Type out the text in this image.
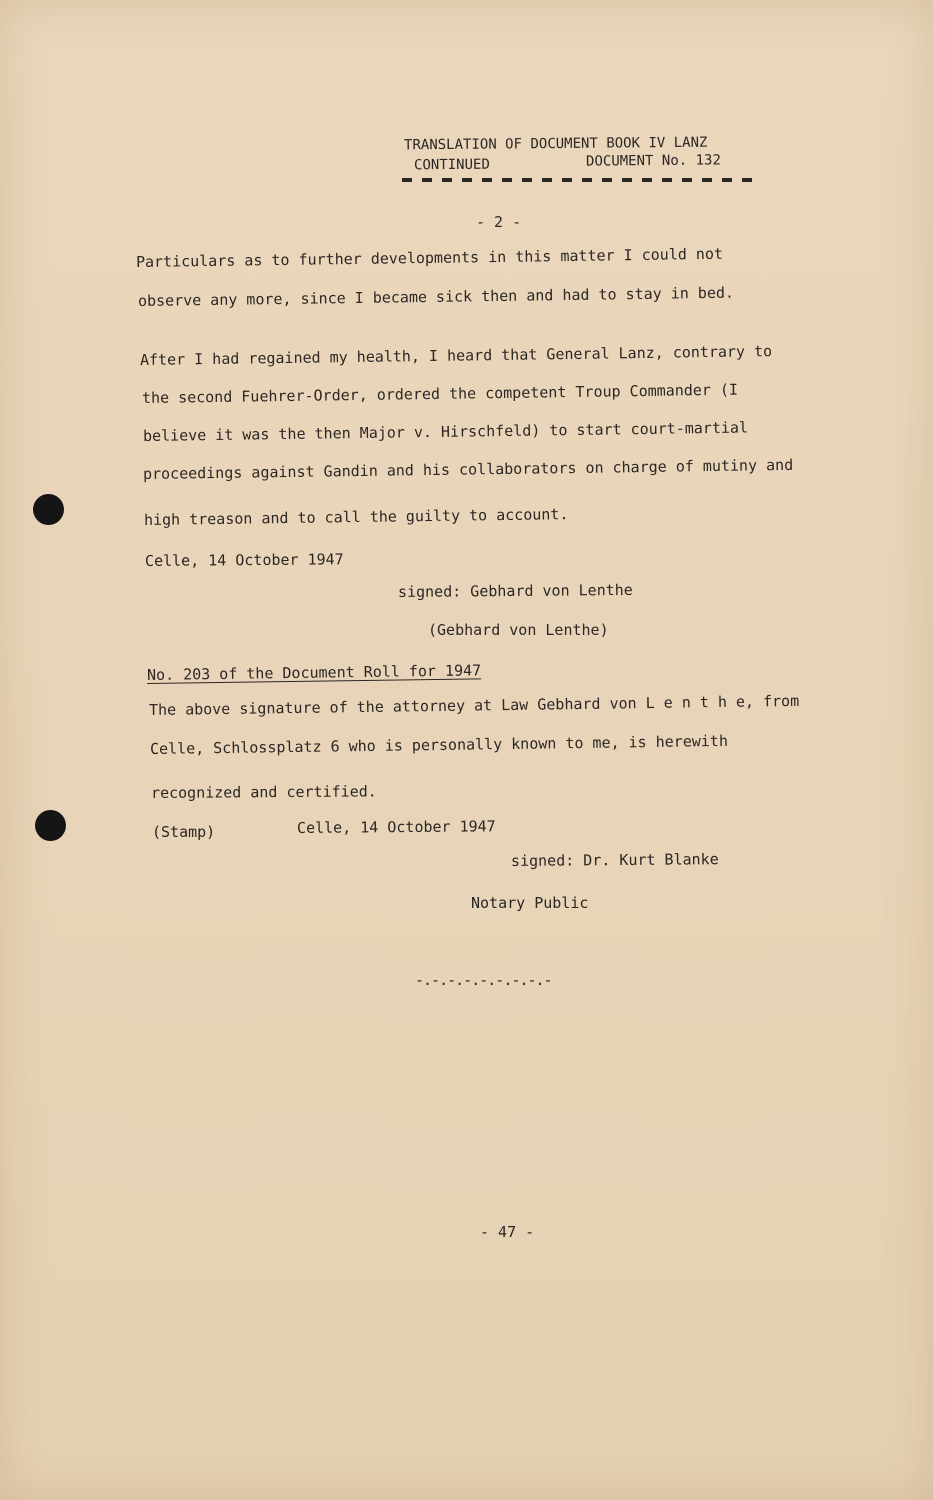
TRANSLATION OF DOCUMENT BOOK IV LANZ
CONTINUED	DOCUMENT No. 132
- 2 -
Particulars as to further developments in this matter I could not
observe any more, since I became sick then and had to stay in bed.
After I had regained my health, I heard that General Lanz, contrary to
the second Fuehrer-Order, ordered the competent Troup Commander (I
believe it was the then Major v. Hirschfeld) to start court-martial
proceedings against Gandin and his collaborators on charge of mutiny and
high treason and to call the guilty to account.
Celle, 14 October 1947
signed: Gebhard von Lenthe
(Gebhard von Lenthe)
No. 203 of the Document Roll for 1947
The above signature of the attorney at Law Gebhard von L e n t h e, from
Celle, Schlossplatz 6 who is personally known to me, is herewith
recognized and certified.
(Stamp)	Celle, 14 October 1947
signed: Dr. Kurt Blanke
Notary Public
-.-.-.-.-.-.-.-.-
- 47 -
